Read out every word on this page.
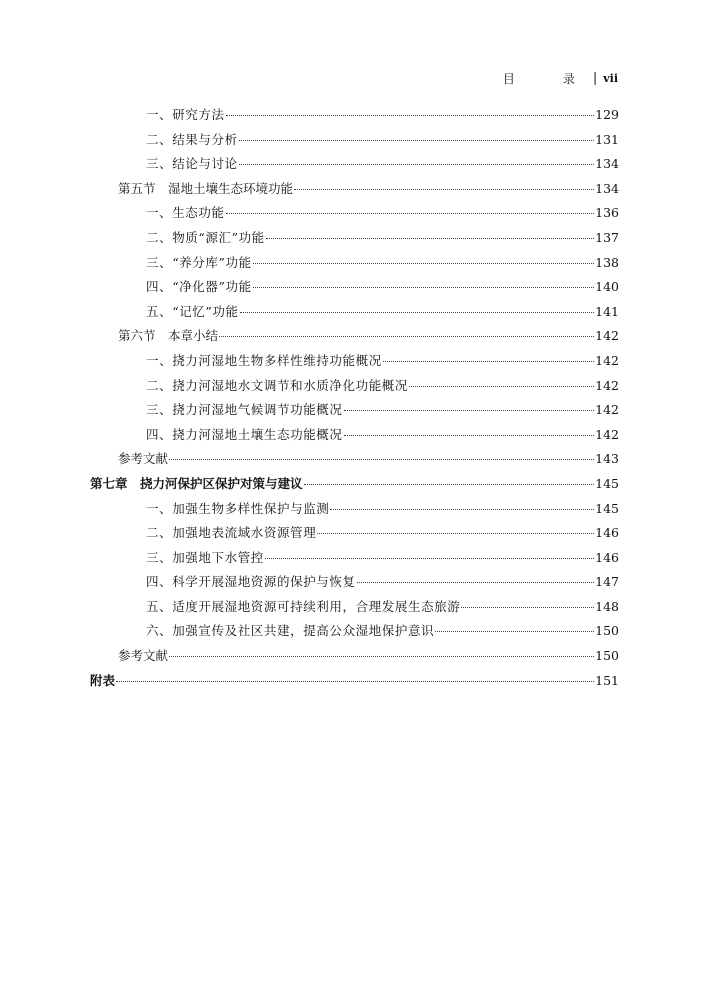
目　录 | vii
一、研究方法	129
二、结果与分析	131
三、结论与讨论	134
第五节　湿地土壤生态环境功能	134
一、生态功能	136
二、物质“源汇”功能	137
三、“养分库”功能	138
四、“净化器”功能	140
五、“记忆”功能	141
第六节　本章小结	142
一、挠力河湿地生物多样性维持功能概况	142
二、挠力河湿地水文调节和水质净化功能概况	142
三、挠力河湿地气候调节功能概况	142
四、挠力河湿地土壤生态功能概况	142
参考文献	143
第七章　挠力河保护区保护对策与建议	145
一、加强生物多样性保护与监测	145
二、加强地表流域水资源管理	146
三、加强地下水管控	146
四、科学开展湿地资源的保护与恢复	147
五、适度开展湿地资源可持续利用，合理发展生态旅游	148
六、加强宣传及社区共建，提高公众湿地保护意识	150
参考文献	150
附表	151
